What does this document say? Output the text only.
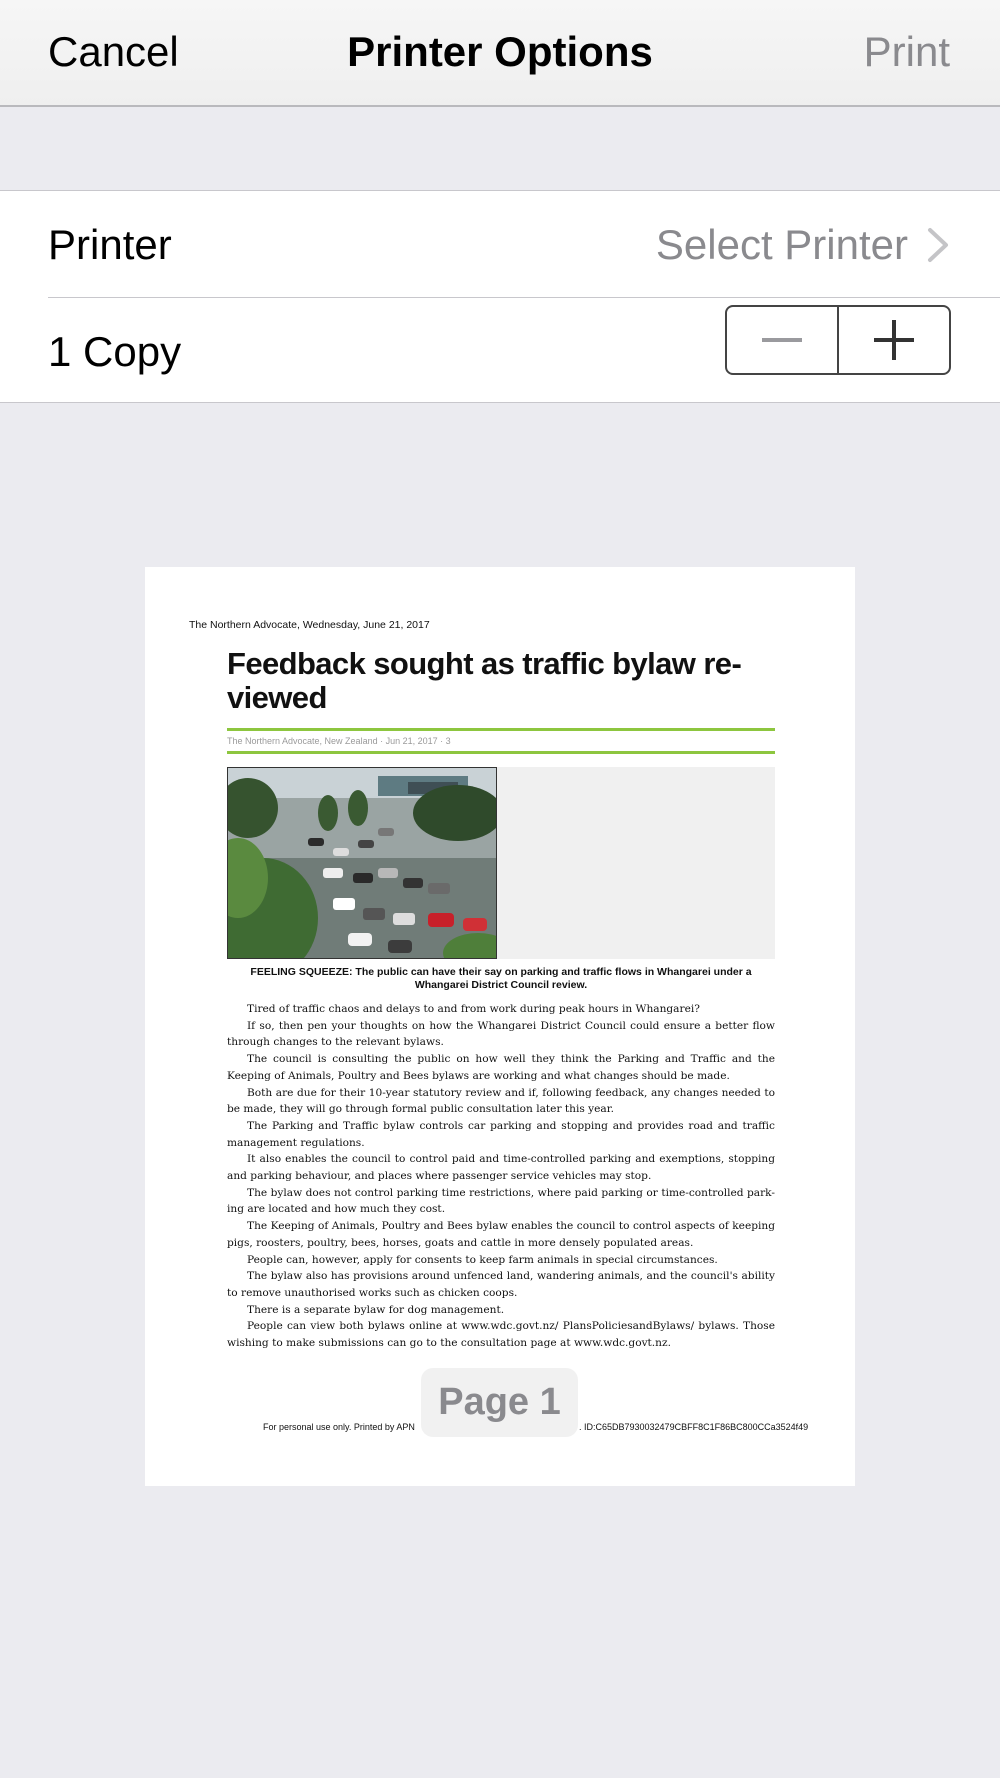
Cancel	Printer Options	Print
Printer	Select Printer
1 Copy
The Northern Advocate, Wednesday, June 21, 2017
Feedback sought as traffic bylaw re-viewed
The Northern Advocate, New Zealand · Jun 21, 2017 · 3
FEELING SQUEEZE: The public can have their say on parking and traffic flows in Whangarei under a Whangarei District Council review.

Tired of traffic chaos and delays to and from work during peak hours in Whangarei?

If so, then pen your thoughts on how the Whangarei District Council could ensure a better flow through changes to the relevant bylaws.

The council is consulting the public on how well they think the Parking and Traffic and the Keeping of Animals, Poultry and Bees bylaws are working and what changes should be made.

Both are due for their 10-year statutory review and if, following feedback, any changes needed to be made, they will go through formal public consultation later this year.

The Parking and Traffic bylaw controls car parking and stopping and provides road and traffic management regulations.

It also enables the council to control paid and time-controlled parking and exemptions, stopping and parking behaviour, and places where passenger service vehicles may stop.

The bylaw does not control parking time restrictions, where paid parking or time-controlled park-ing are located and how much they cost.

The Keeping of Animals, Poultry and Bees bylaw enables the council to control aspects of keeping pigs, roosters, poultry, bees, horses, goats and cattle in more densely populated areas.

People can, however, apply for consents to keep farm animals in special circumstances.

The bylaw also has provisions around unfenced land, wandering animals, and the council's ability to remove unauthorised works such as chicken coops.

There is a separate bylaw for dog management.

People can view both bylaws online at www.wdc.govt.nz/ PlansPoliciesandBylaws/ bylaws. Those wishing to make submissions can go to the consultation page at www.wdc.govt.nz.

For personal use only. Printed by APN	. ID:C65DB7930032479CBFF8C1F86BC800CCa3524f49
Page 1
